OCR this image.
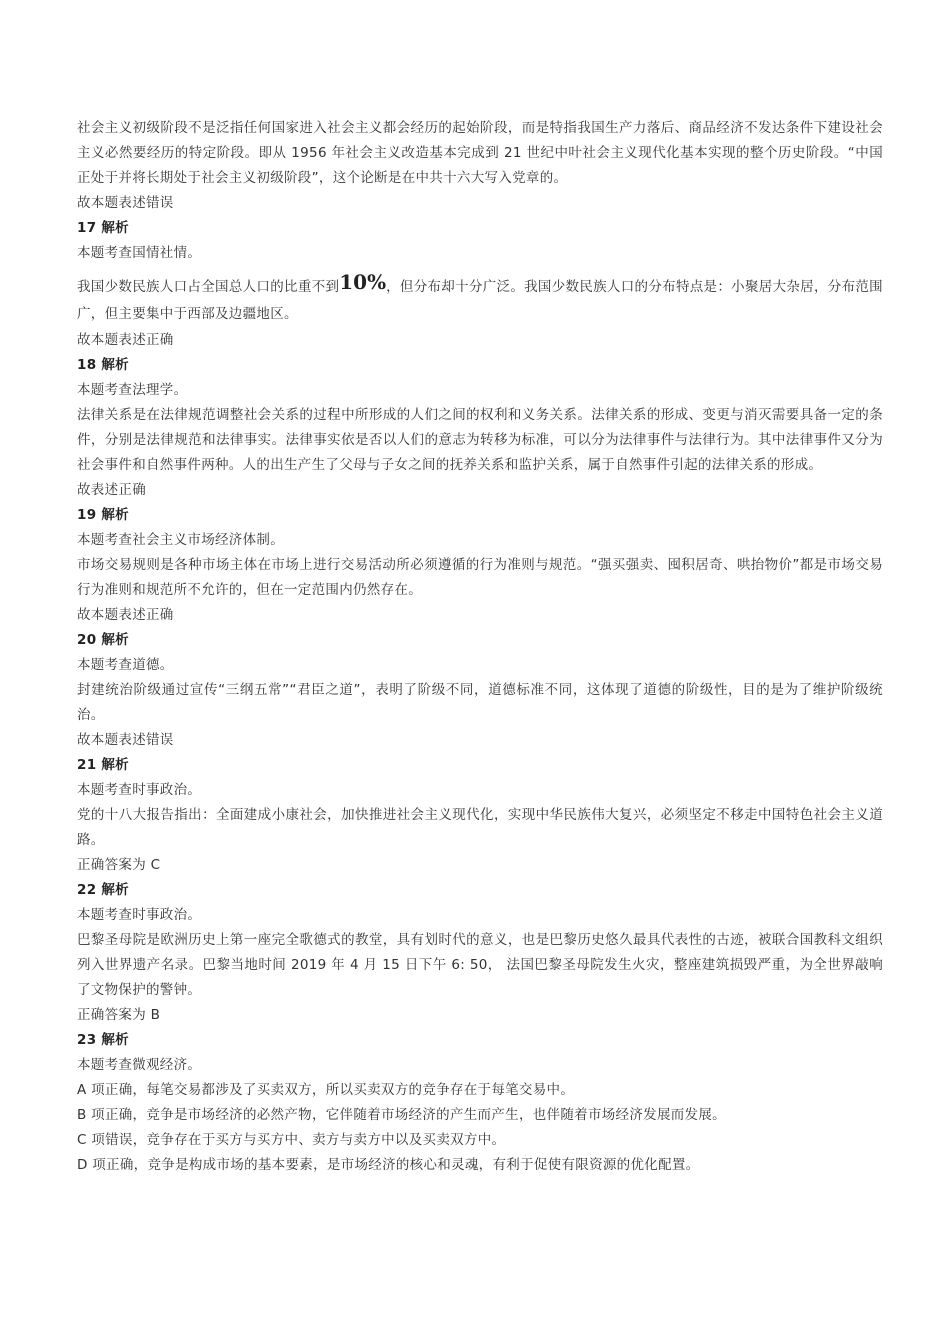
社会主义初级阶段不是泛指任何国家进入社会主义都会经历的起始阶段，而是特指我国生产力落后、商品经济不发达条件下建设社会主义必然要经历的特定阶段。即从 1956 年社会主义改造基本完成到 21 世纪中叶社会主义现代化基本实现的整个历史阶段。“中国正处于并将长期处于社会主义初级阶段”，这个论断是在中共十六大写入党章的。

故本题表述错误

17 解析

本题考查国情社情。

我国少数民族人口占全国总人口的比重不到10%，但分布却十分广泛。我国少数民族人口的分布特点是：小聚居大杂居，分布范围广，但主要集中于西部及边疆地区。

故本题表述正确

18 解析

本题考查法理学。

法律关系是在法律规范调整社会关系的过程中所形成的人们之间的权利和义务关系。法律关系的形成、变更与消灭需要具备一定的条件，分别是法律规范和法律事实。法律事实依是否以人们的意志为转移为标准，可以分为法律事件与法律行为。其中法律事件又分为社会事件和自然事件两种。人的出生产生了父母与子女之间的抚养关系和监护关系，属于自然事件引起的法律关系的形成。

故表述正确

19 解析

本题考查社会主义市场经济体制。

市场交易规则是各种市场主体在市场上进行交易活动所必须遵循的行为准则与规范。“强买强卖、囤积居奇、哄抬物价”都是市场交易行为准则和规范所不允许的，但在一定范围内仍然存在。

故本题表述正确

20 解析

本题考查道德。

封建统治阶级通过宣传“三纲五常”“君臣之道”，表明了阶级不同，道德标准不同，这体现了道德的阶级性，目的是为了维护阶级统治。

故本题表述错误

21 解析

本题考查时事政治。

党的十八大报告指出：全面建成小康社会，加快推进社会主义现代化，实现中华民族伟大复兴，必须坚定不移走中国特色社会主义道路。

正确答案为 C

22 解析

本题考查时事政治。

巴黎圣母院是欧洲历史上第一座完全歌德式的教堂，具有划时代的意义，也是巴黎历史悠久最具代表性的古迹，被联合国教科文组织列入世界遗产名录。巴黎当地时间 2019 年 4 月 15 日下午 6: 50， 法国巴黎圣母院发生火灾，整座建筑损毁严重，为全世界敲响了文物保护的警钟。

正确答案为 B

23 解析

本题考查微观经济。

A 项正确，每笔交易都涉及了买卖双方，所以买卖双方的竞争存在于每笔交易中。

B 项正确，竞争是市场经济的必然产物，它伴随着市场经济的产生而产生，也伴随着市场经济发展而发展。

C 项错误，竞争存在于买方与买方中、卖方与卖方中以及买卖双方中。

D 项正确，竞争是构成市场的基本要素，是市场经济的核心和灵魂，有利于促使有限资源的优化配置。
